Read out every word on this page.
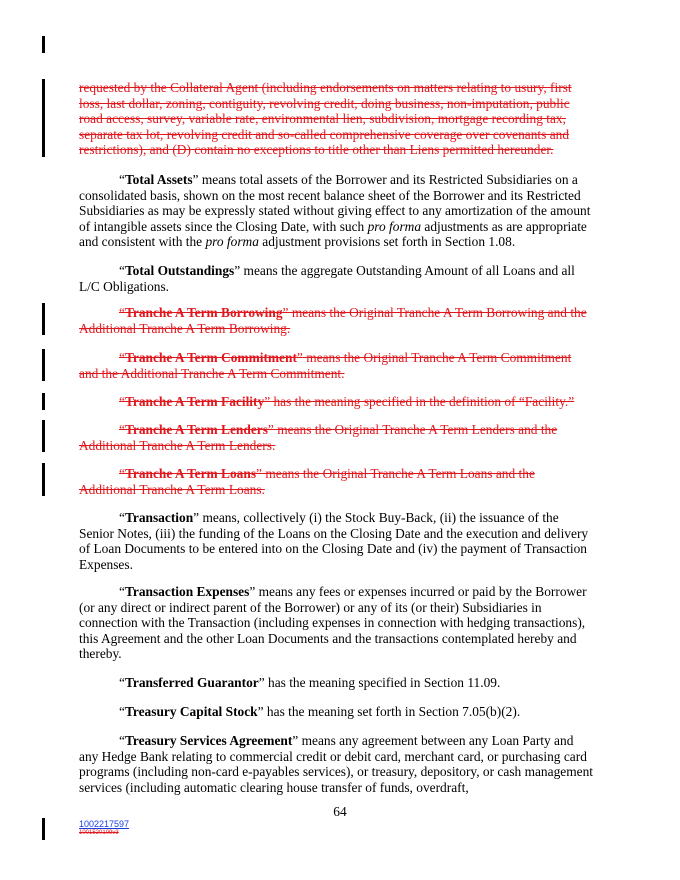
requested by the Collateral Agent (including endorsements on matters relating to usury, first loss, last dollar, zoning, contiguity, revolving credit, doing business, non-imputation, public road access, survey, variable rate, environmental lien, subdivision, mortgage recording tax, separate tax lot, revolving credit and so-called comprehensive coverage over covenants and restrictions), and (D) contain no exceptions to title other than Liens permitted hereunder.
“Total Assets” means total assets of the Borrower and its Restricted Subsidiaries on a consolidated basis, shown on the most recent balance sheet of the Borrower and its Restricted Subsidiaries as may be expressly stated without giving effect to any amortization of the amount of intangible assets since the Closing Date, with such pro forma adjustments as are appropriate and consistent with the pro forma adjustment provisions set forth in Section 1.08.
“Total Outstandings” means the aggregate Outstanding Amount of all Loans and all L/C Obligations.
“Tranche A Term Borrowing” means the Original Tranche A Term Borrowing and the Additional Tranche A Term Borrowing.
“Tranche A Term Commitment” means the Original Tranche A Term Commitment and the Additional Tranche A Term Commitment.
“Tranche A Term Facility” has the meaning specified in the definition of “Facility.”
“Tranche A Term Lenders” means the Original Tranche A Term Lenders and the Additional Tranche A Term Lenders.
“Tranche A Term Loans” means the Original Tranche A Term Loans and the Additional Tranche A Term Loans.
“Transaction” means, collectively (i) the Stock Buy-Back, (ii) the issuance of the Senior Notes, (iii) the funding of the Loans on the Closing Date and the execution and delivery of Loan Documents to be entered into on the Closing Date and (iv) the payment of Transaction Expenses.
“Transaction Expenses” means any fees or expenses incurred or paid by the Borrower (or any direct or indirect parent of the Borrower) or any of its (or their) Subsidiaries in connection with the Transaction (including expenses in connection with hedging transactions), this Agreement and the other Loan Documents and the transactions contemplated hereby and thereby.
“Transferred Guarantor” has the meaning specified in Section 11.09.
“Treasury Capital Stock” has the meaning set forth in Section 7.05(b)(2).
“Treasury Services Agreement” means any agreement between any Loan Party and any Hedge Bank relating to commercial credit or debit card, merchant card, or purchasing card programs (including non-card e-payables services), or treasury, depository, or cash management services (including automatic clearing house transfer of funds, overdraft,
64
1002217597
1001520109v3
